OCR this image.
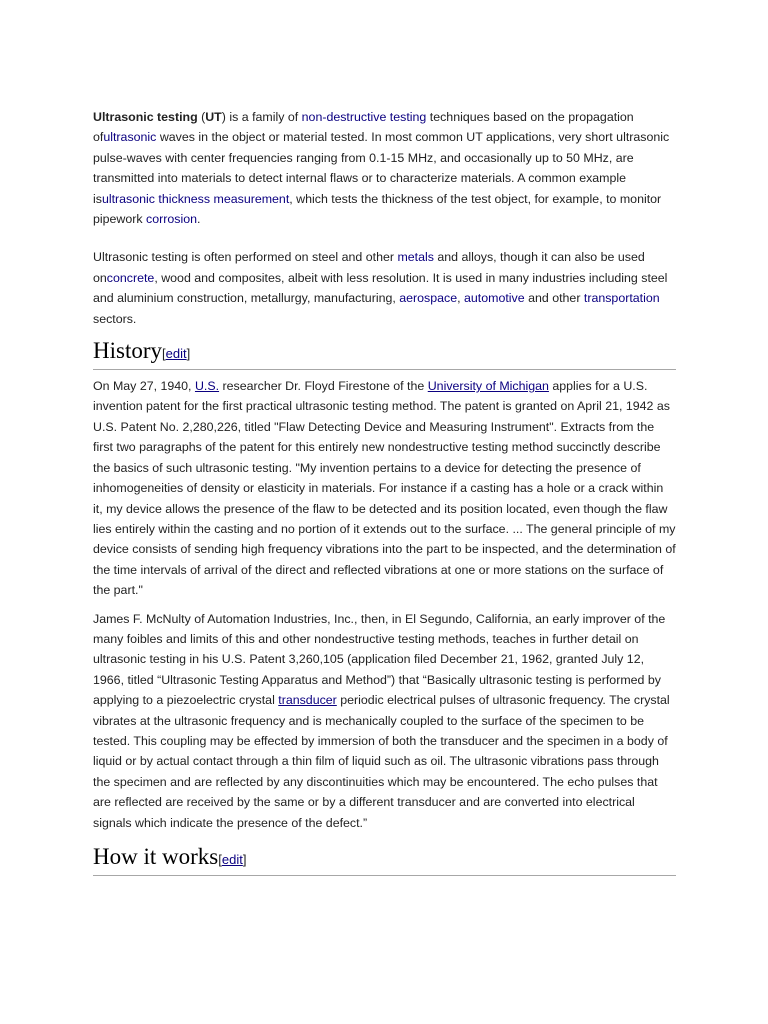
Ultrasonic testing (UT) is a family of non-destructive testing techniques based on the propagation ofultrasonic waves in the object or material tested. In most common UT applications, very short ultrasonic pulse-waves with center frequencies ranging from 0.1-15 MHz, and occasionally up to 50 MHz, are transmitted into materials to detect internal flaws or to characterize materials. A common example isultrasonic thickness measurement, which tests the thickness of the test object, for example, to monitor pipework corrosion.

Ultrasonic testing is often performed on steel and other metals and alloys, though it can also be used onconcrete, wood and composites, albeit with less resolution. It is used in many industries including steel and aluminium construction, metallurgy, manufacturing, aerospace, automotive and other transportation sectors.

History[edit]

On May 27, 1940, U.S. researcher Dr. Floyd Firestone of the University of Michigan applies for a U.S. invention patent for the first practical ultrasonic testing method. The patent is granted on April 21, 1942 as U.S. Patent No. 2,280,226, titled "Flaw Detecting Device and Measuring Instrument". Extracts from the first two paragraphs of the patent for this entirely new nondestructive testing method succinctly describe the basics of such ultrasonic testing. "My invention pertains to a device for detecting the presence of inhomogeneities of density or elasticity in materials. For instance if a casting has a hole or a crack within it, my device allows the presence of the flaw to be detected and its position located, even though the flaw lies entirely within the casting and no portion of it extends out to the surface. ... The general principle of my device consists of sending high frequency vibrations into the part to be inspected, and the determination of the time intervals of arrival of the direct and reflected vibrations at one or more stations on the surface of the part."

James F. McNulty of Automation Industries, Inc., then, in El Segundo, California, an early improver of the many foibles and limits of this and other nondestructive testing methods, teaches in further detail on ultrasonic testing in his U.S. Patent 3,260,105 (application filed December 21, 1962, granted July 12, 1966, titled “Ultrasonic Testing Apparatus and Method”) that “Basically ultrasonic testing is performed by applying to a piezoelectric crystal transducer periodic electrical pulses of ultrasonic frequency. The crystal vibrates at the ultrasonic frequency and is mechanically coupled to the surface of the specimen to be tested. This coupling may be effected by immersion of both the transducer and the specimen in a body of liquid or by actual contact through a thin film of liquid such as oil. The ultrasonic vibrations pass through the specimen and are reflected by any discontinuities which may be encountered. The echo pulses that are reflected are received by the same or by a different transducer and are converted into electrical signals which indicate the presence of the defect.”

How it works[edit]
